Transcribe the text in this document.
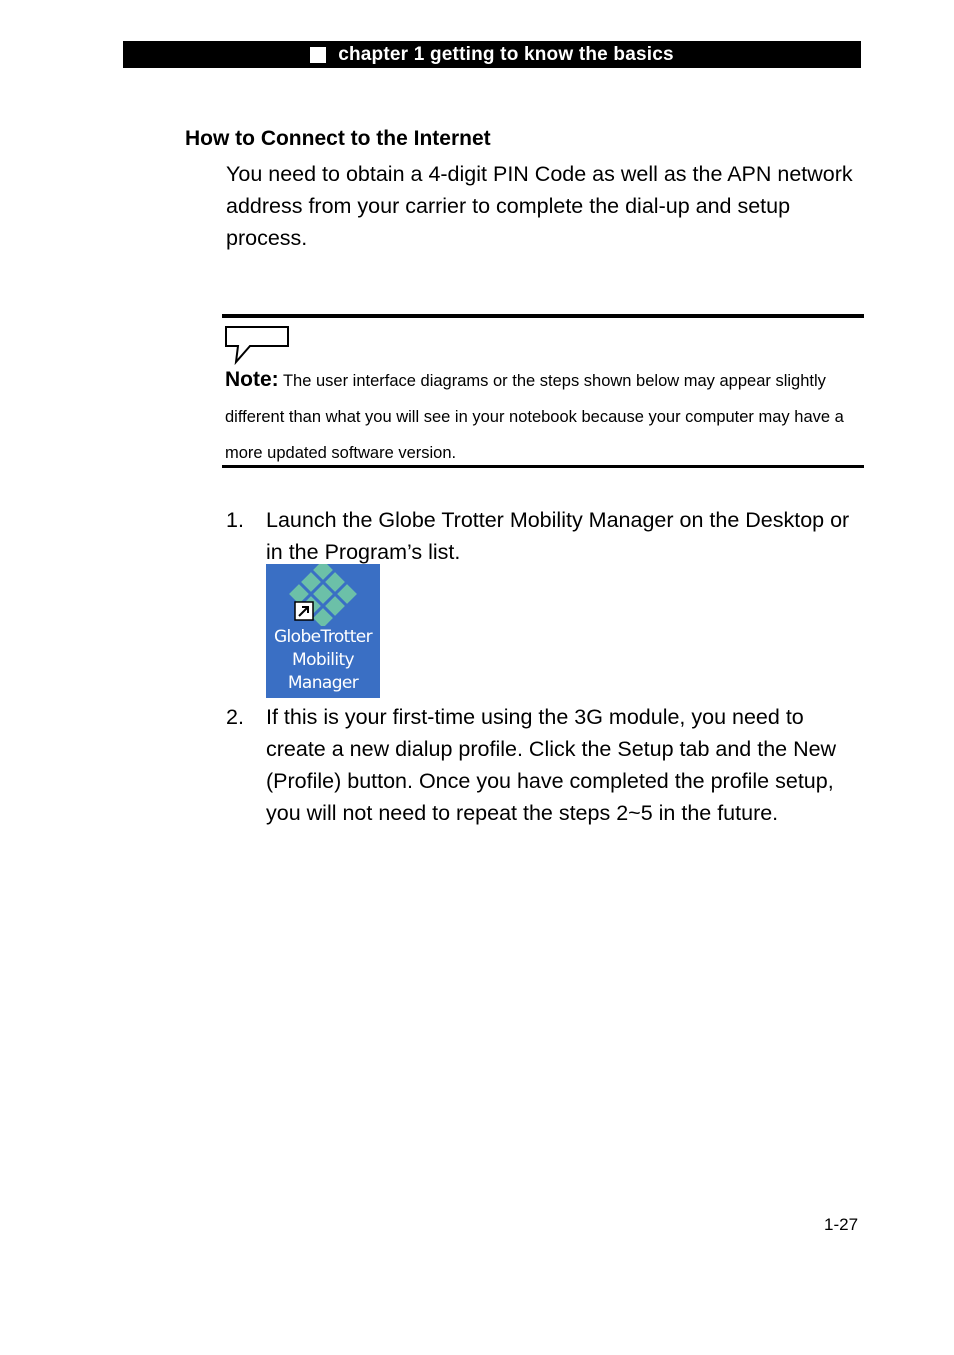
chapter 1 getting to know the basics
How to Connect to the Internet

You need to obtain a 4-digit PIN Code as well as the APN network address from your carrier to complete the dial-up and setup process.

Note: The user interface diagrams or the steps shown below may appear slightly different than what you will see in your notebook because your computer may have a more updated software version.

1. Launch the Globe Trotter Mobility Manager on the Desktop or in the Program’s list.

GlobeTrotter
Mobility
Manager
2. If this is your first-time using the 3G module, you need to create a new dialup profile. Click the Setup tab and the New (Profile) button. Once you have completed the profile setup, you will not need to repeat the steps 2~5 in the future.

1-27
